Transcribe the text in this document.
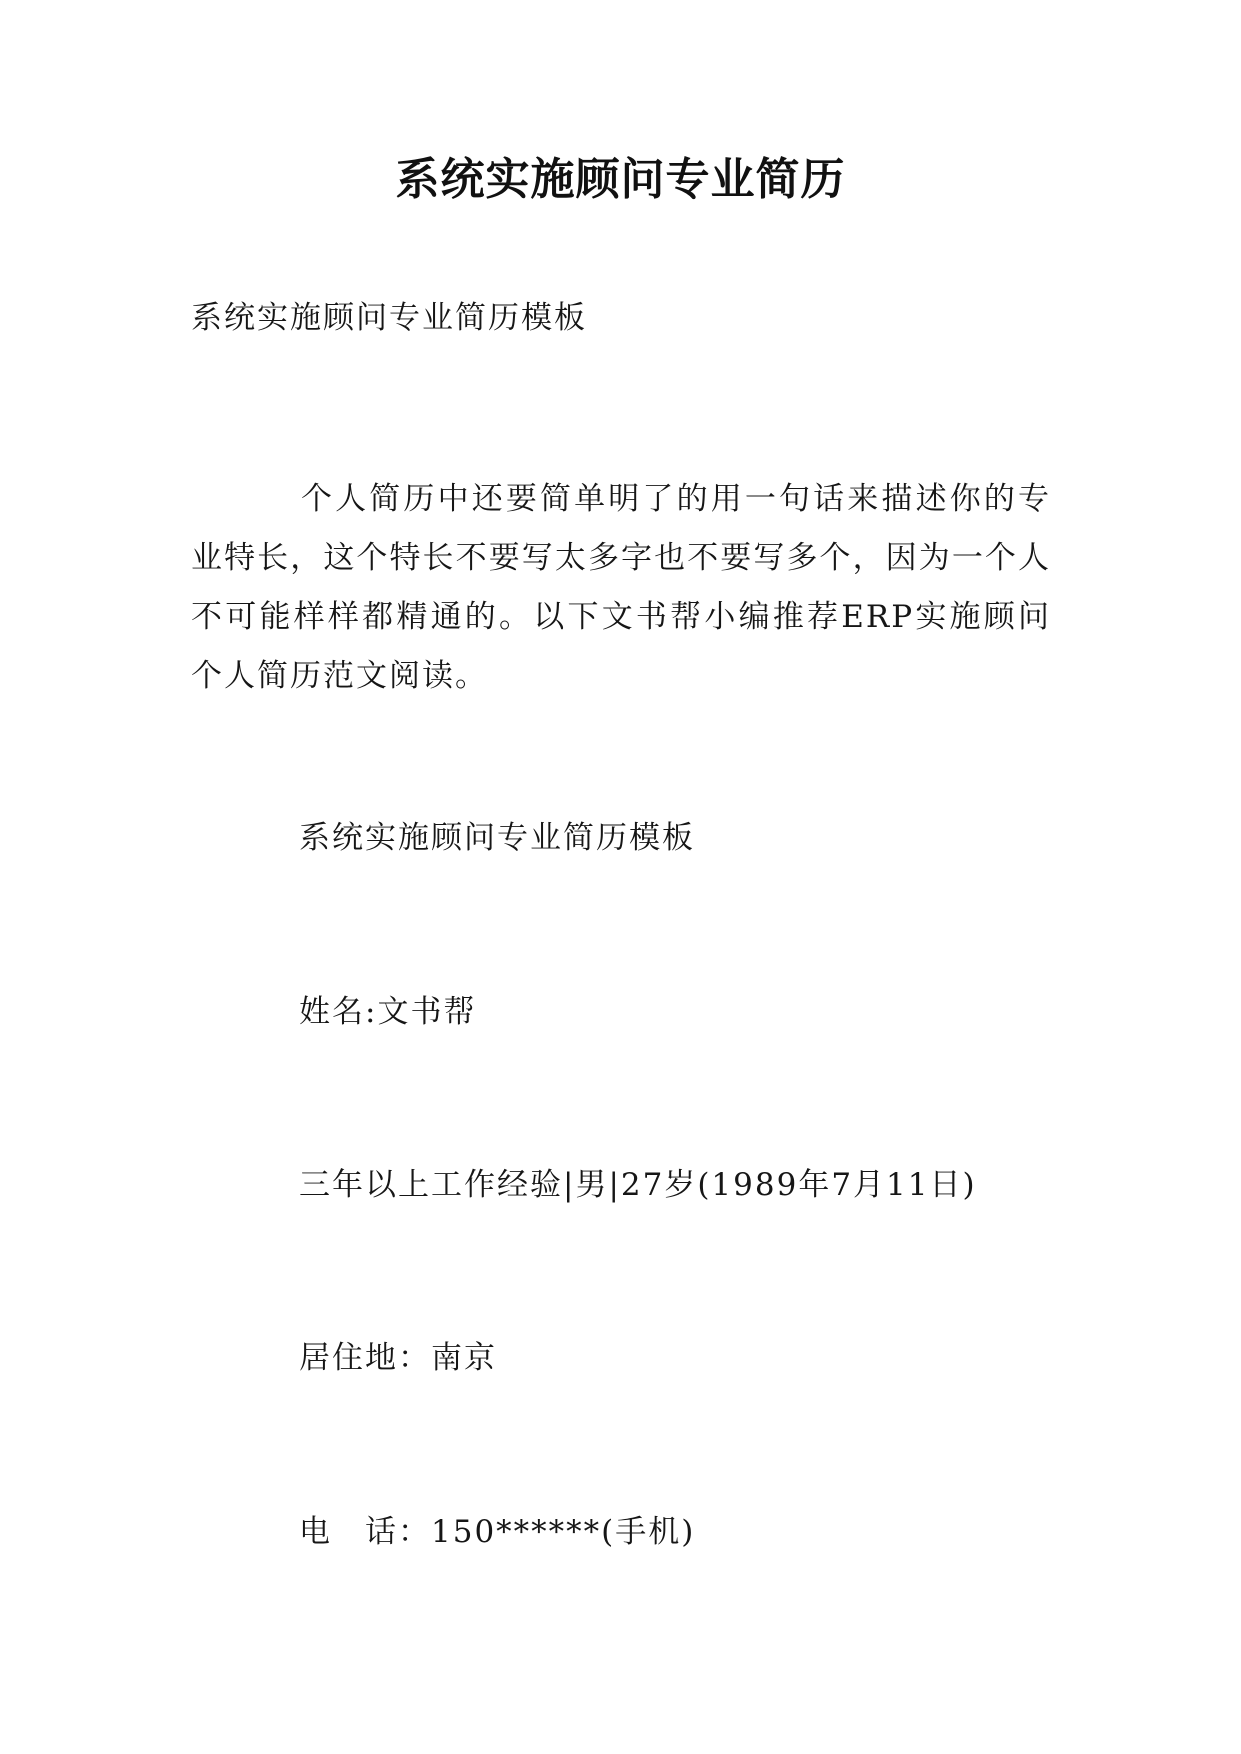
系统实施顾问专业简历
系统实施顾问专业简历模板
个人简历中还要简单明了的用一句话来描述你的专业特长，这个特长不要写太多字也不要写多个，因为一个人不可能样样都精通的。以下文书帮小编推荐ERP实施顾问个人简历范文阅读。
系统实施顾问专业简历模板
姓名:文书帮
三年以上工作经验|男|27岁(1989年7月11日)
居住地：南京
电　话：150******(手机)
